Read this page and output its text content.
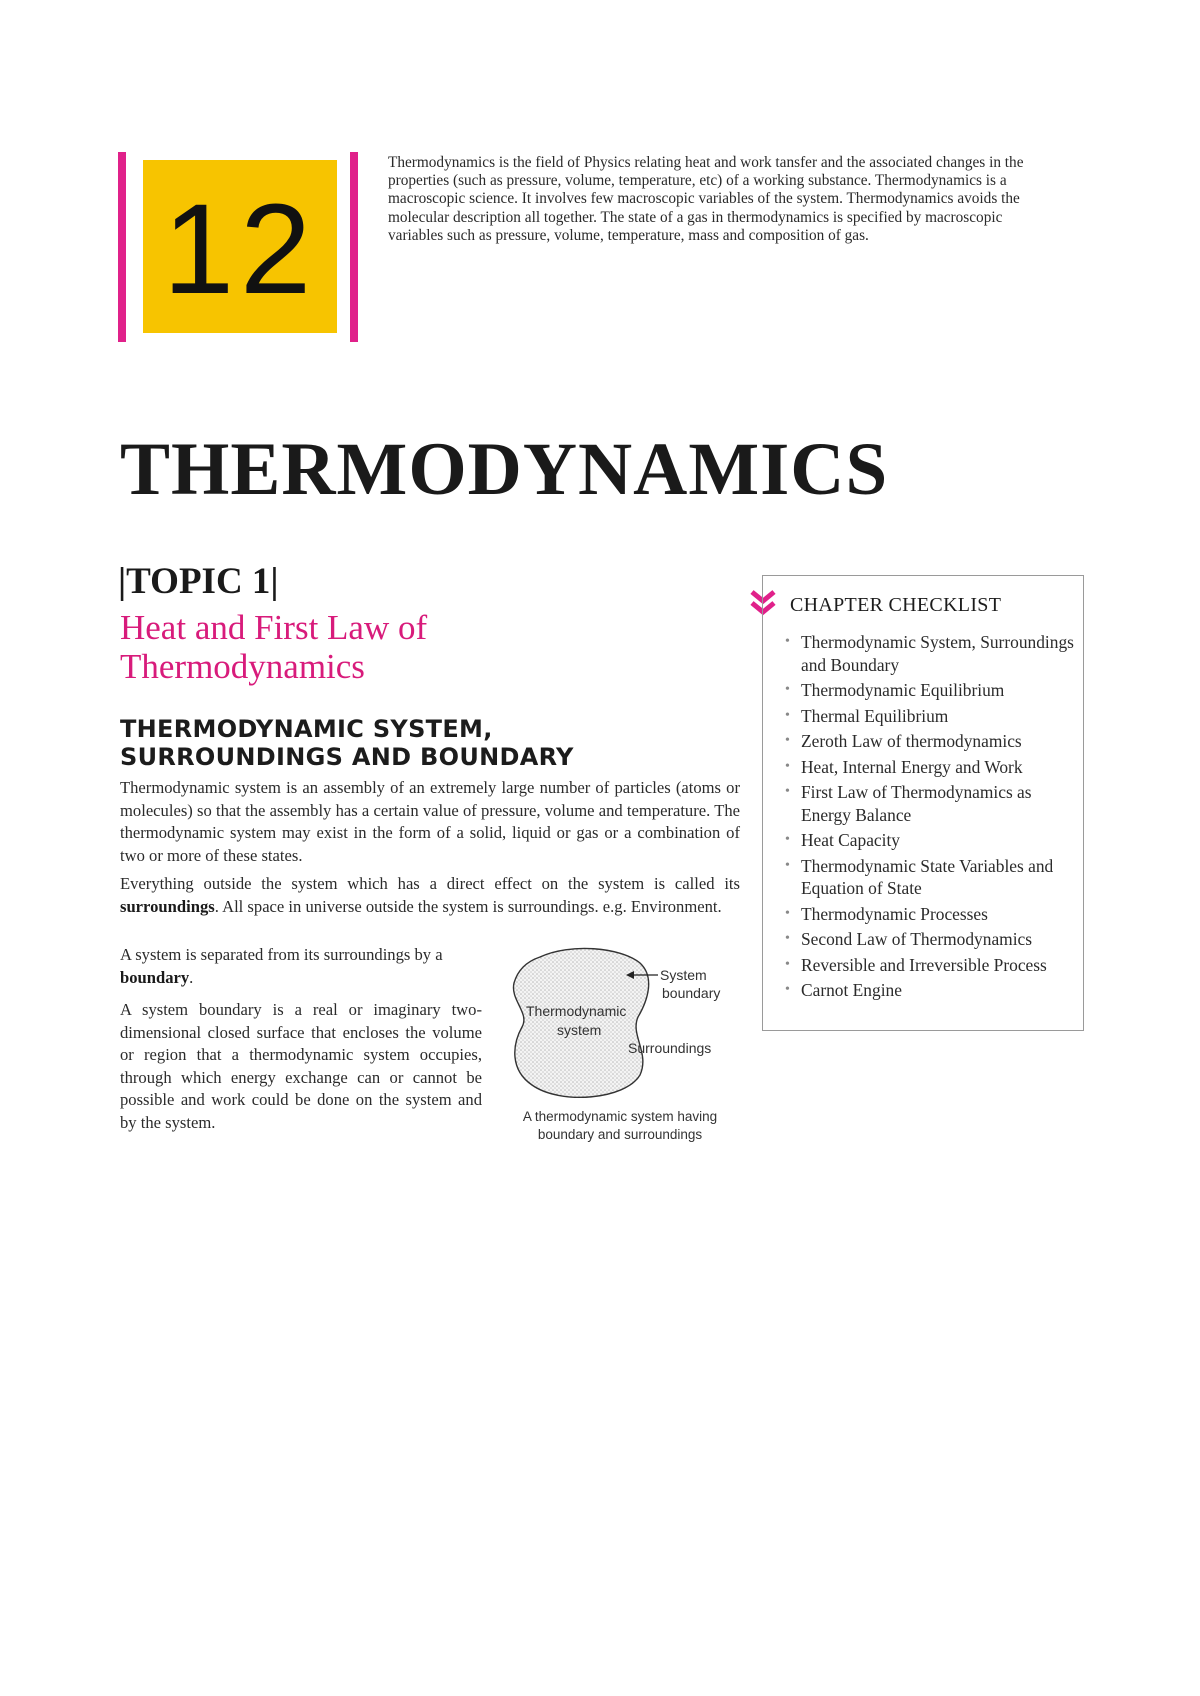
12

Thermodynamics is the field of Physics relating heat and work tansfer and the associated changes in the properties (such as pressure, volume, temperature, etc) of a working substance. Thermodynamics is a macroscopic science. It involves few macroscopic variables of the system. Thermodynamics avoids the molecular description all together. The state of a gas in thermodynamics is specified by macroscopic variables such as pressure, volume, temperature, mass and composition of gas.

THERMODYNAMICS
|TOPIC 1|
Heat and First Law of Thermodynamics
THERMODYNAMIC SYSTEM, SURROUNDINGS AND BOUNDARY

Thermodynamic system is an assembly of an extremely large number of particles (atoms or molecules) so that the assembly has a certain value of pressure, volume and temperature. The thermodynamic system may exist in the form of a solid, liquid or gas or a combination of two or more of these states.

Everything outside the system which has a direct effect on the system is called its surroundings. All space in universe outside the system is surroundings. e.g. Environment.

A system is separated from its surroundings by a boundary.

A system boundary is a real or imaginary two-dimensional closed surface that encloses the volume or region that a thermodynamic system occupies, through which energy exchange can or cannot be possible and work could be done on the system and by the system.

System
boundary
Thermodynamic
system
Surroundings
A thermodynamic system having
boundary and surroundings
CHAPTER CHECKLIST
• Thermodynamic System, Surroundings and Boundary
• Thermodynamic Equilibrium
• Thermal Equilibrium
• Zeroth Law of thermodynamics
• Heat, Internal Energy and Work
• First Law of Thermodynamics as Energy Balance
• Heat Capacity
• Thermodynamic State Variables and Equation of State
• Thermodynamic Processes
• Second Law of Thermodynamics
• Reversible and Irreversible Process
• Carnot Engine
